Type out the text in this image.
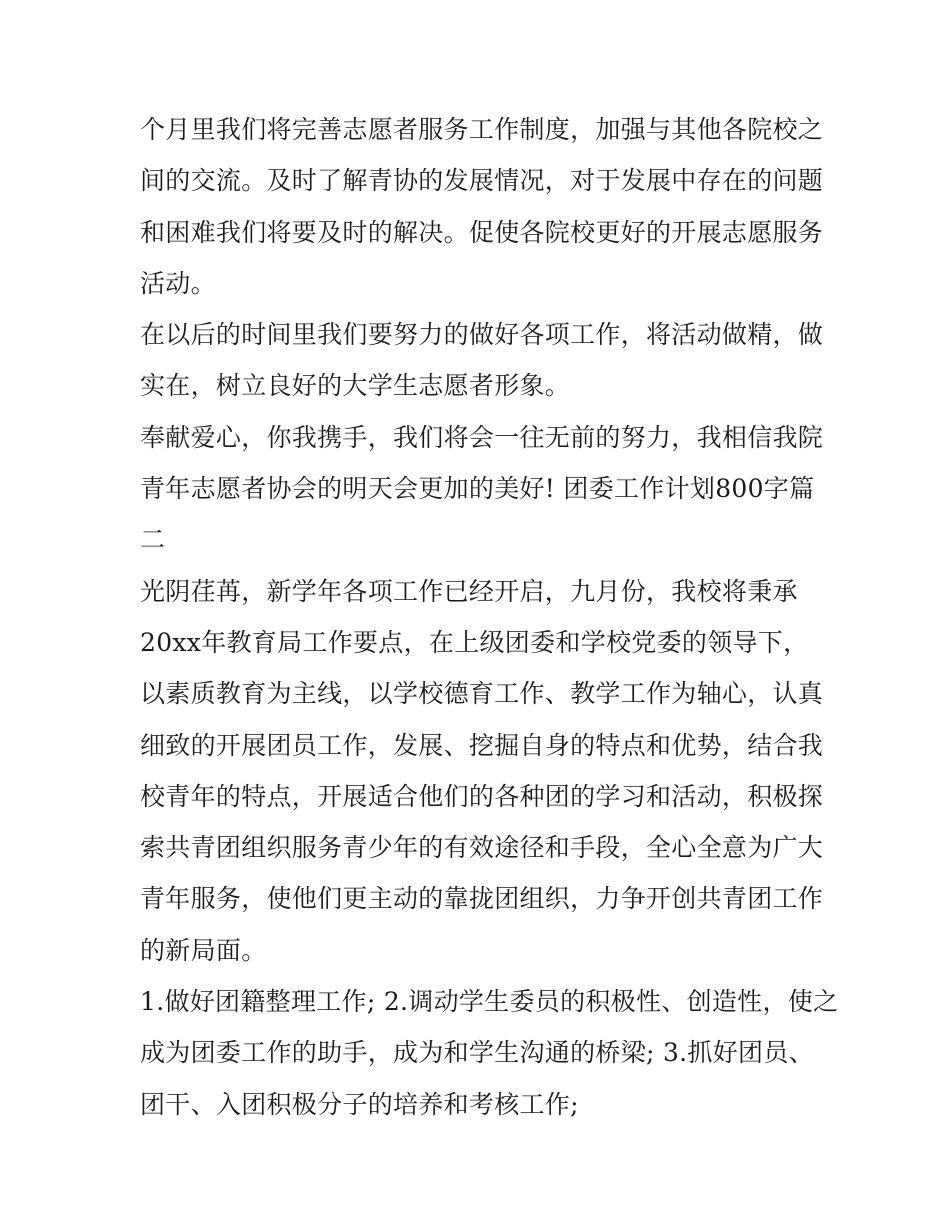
个月里我们将完善志愿者服务工作制度，加强与其他各院校之
间的交流。及时了解青协的发展情况，对于发展中存在的问题
和困难我们将要及时的解决。促使各院校更好的开展志愿服务
活动。
在以后的时间里我们要努力的做好各项工作，将活动做精，做
实在，树立良好的大学生志愿者形象。
奉献爱心，你我携手，我们将会一往无前的努力，我相信我院
青年志愿者协会的明天会更加的美好! 团委工作计划800字篇
二
光阴荏苒，新学年各项工作已经开启，九月份，我校将秉承
20xx年教育局工作要点，在上级团委和学校党委的领导下，
以素质教育为主线，以学校德育工作、教学工作为轴心，认真
细致的开展团员工作，发展、挖掘自身的特点和优势，结合我
校青年的特点，开展适合他们的各种团的学习和活动，积极探
索共青团组织服务青少年的有效途径和手段，全心全意为广大
青年服务，使他们更主动的靠拢团组织，力争开创共青团工作
的新局面。
1.做好团籍整理工作; 2.调动学生委员的积极性、创造性，使之
成为团委工作的助手，成为和学生沟通的桥梁; 3.抓好团员、
团干、入团积极分子的培养和考核工作;
